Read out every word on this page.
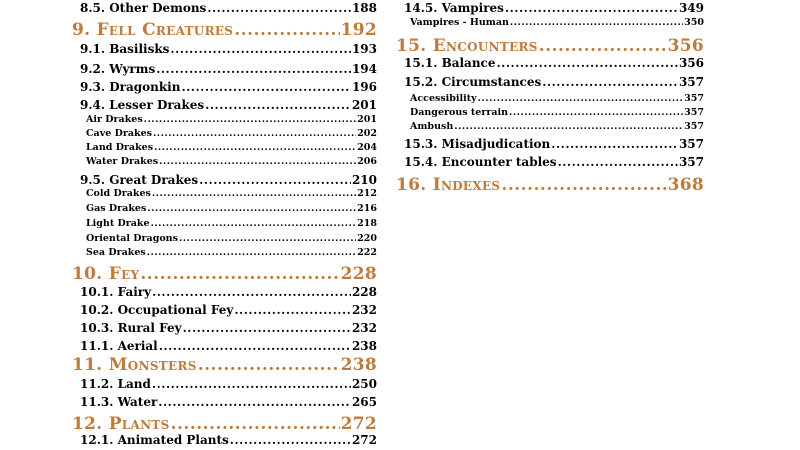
8.5. Other Demons .....	188
9. Fell Creatures .....	192
9.1. Basilisks .....	193
9.2. Wyrms .....	194
9.3. Dragonkin .....	196
9.4. Lesser Drakes .....	201
Air Drakes .....	201
Cave Drakes .....	202
Land Drakes .....	204
Water Drakes .....	206
9.5. Great Drakes .....	210
Cold Drakes .....	212
Gas Drakes .....	216
Light Drake .....	218
Oriental Dragons .....	220
Sea Drakes .....	222
10. Fey .....	228
10.1. Fairy .....	228
10.2. Occupational Fey .....	232
10.3. Rural Fey .....	232
11.1. Aerial .....	238
11. Monsters .....	238
11.2. Land .....	250
11.3. Water .....	265
12. Plants .....	272
12.1. Animated Plants .....	272
14.5. Vampires .....	349
Vampires - Human .....	350
15. Encounters .....	356
15.1. Balance .....	356
15.2. Circumstances .....	357
Accessibility .....	357
Dangerous terrain .....	357
Ambush .....	357
15.3. Misadjudication .....	357
15.4. Encounter tables .....	357
16. Indexes .....	368
